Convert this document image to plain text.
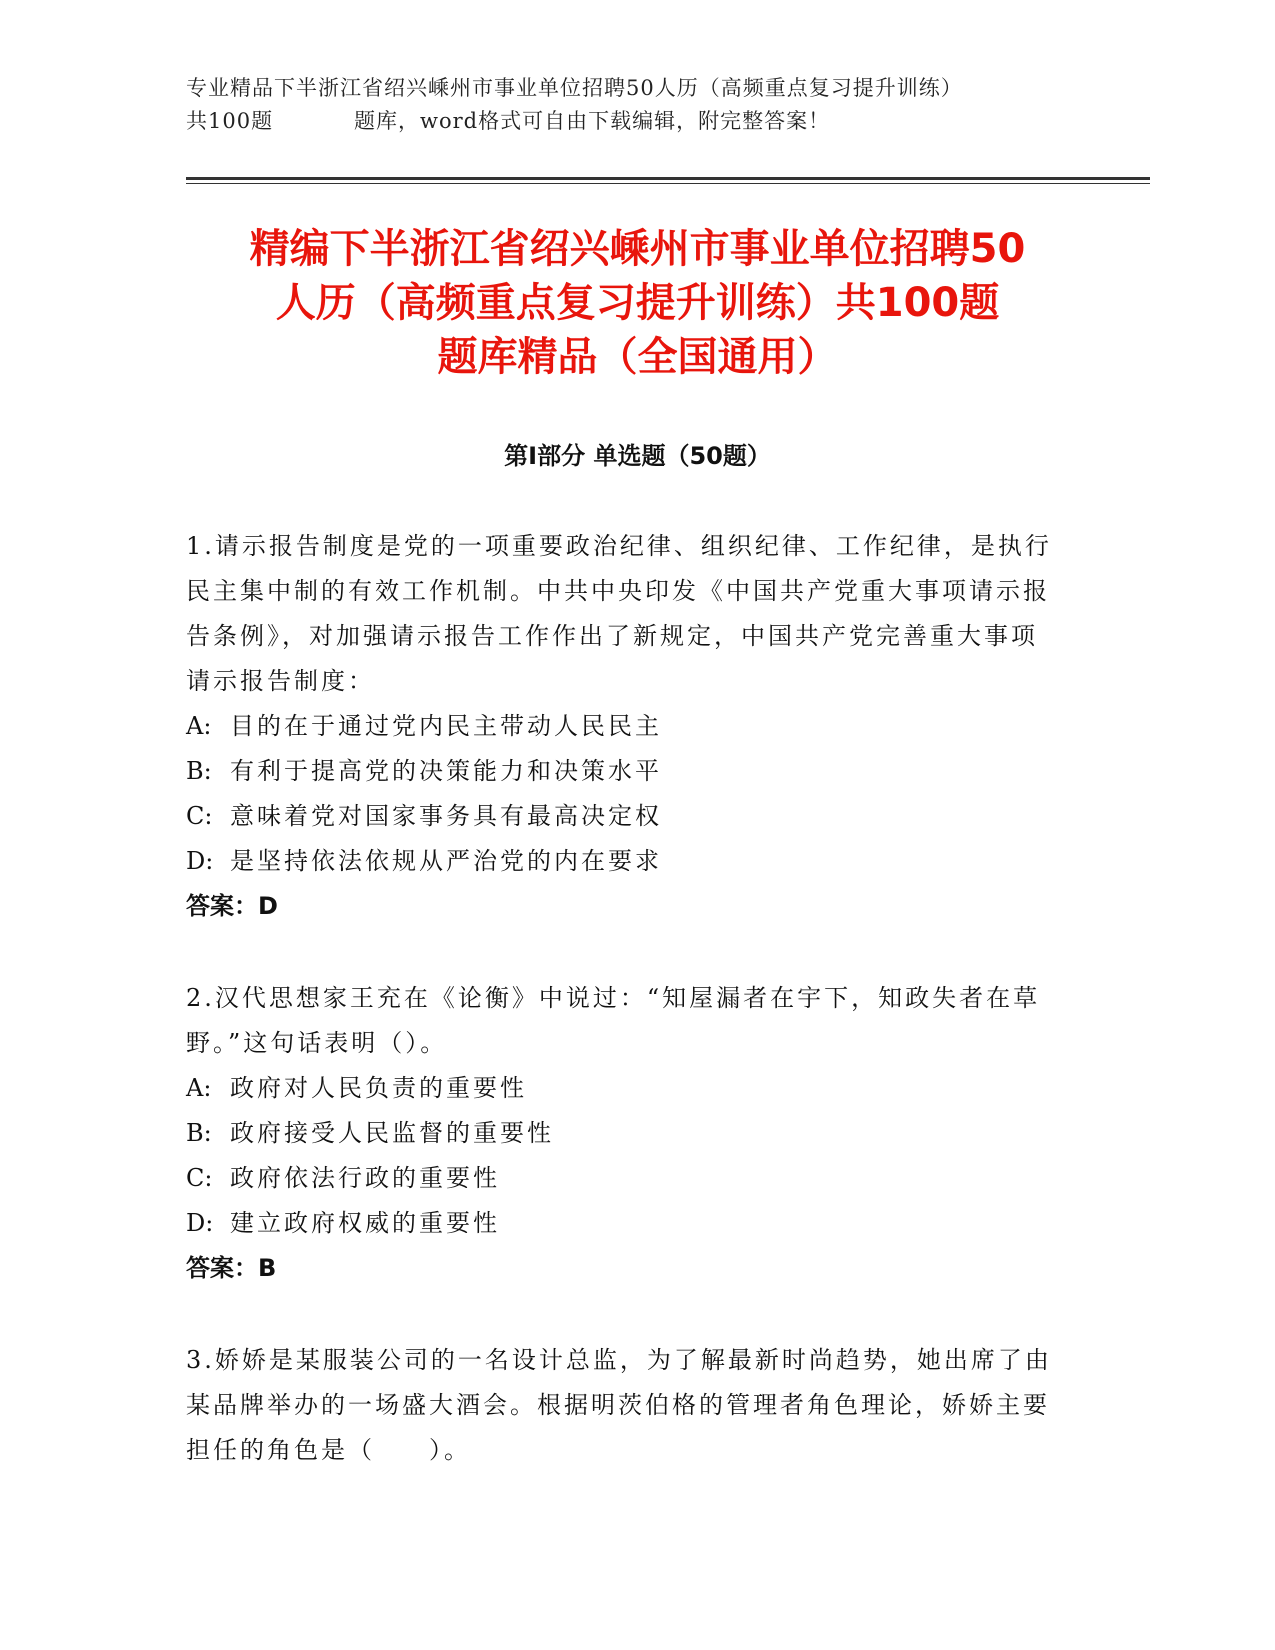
专业精品下半浙江省绍兴嵊州市事业单位招聘50人历（高频重点复习提升训练）
共100题	题库，word格式可自由下载编辑，附完整答案！
精编下半浙江省绍兴嵊州市事业单位招聘50
人历（高频重点复习提升训练）共100题
题库精品（全国通用）
第Ⅰ部分 单选题（50题）
1.请示报告制度是党的一项重要政治纪律、组织纪律、工作纪律，是执行民主集中制的有效工作机制。中共中央印发《中国共产党重大事项请示报告条例》，对加强请示报告工作作出了新规定，中国共产党完善重大事项请示报告制度：
A: 目的在于通过党内民主带动人民民主
B: 有利于提高党的决策能力和决策水平
C: 意味着党对国家事务具有最高决定权
D: 是坚持依法依规从严治党的内在要求
答案：D
2.汉代思想家王充在《论衡》中说过：“知屋漏者在宇下，知政失者在草野。”这句话表明（）。
A: 政府对人民负责的重要性
B: 政府接受人民监督的重要性
C: 政府依法行政的重要性
D: 建立政府权威的重要性
答案：B
3.娇娇是某服装公司的一名设计总监，为了解最新时尚趋势，她出席了由某品牌举办的一场盛大酒会。根据明茨伯格的管理者角色理论，娇娇主要担任的角色是（　　）。
